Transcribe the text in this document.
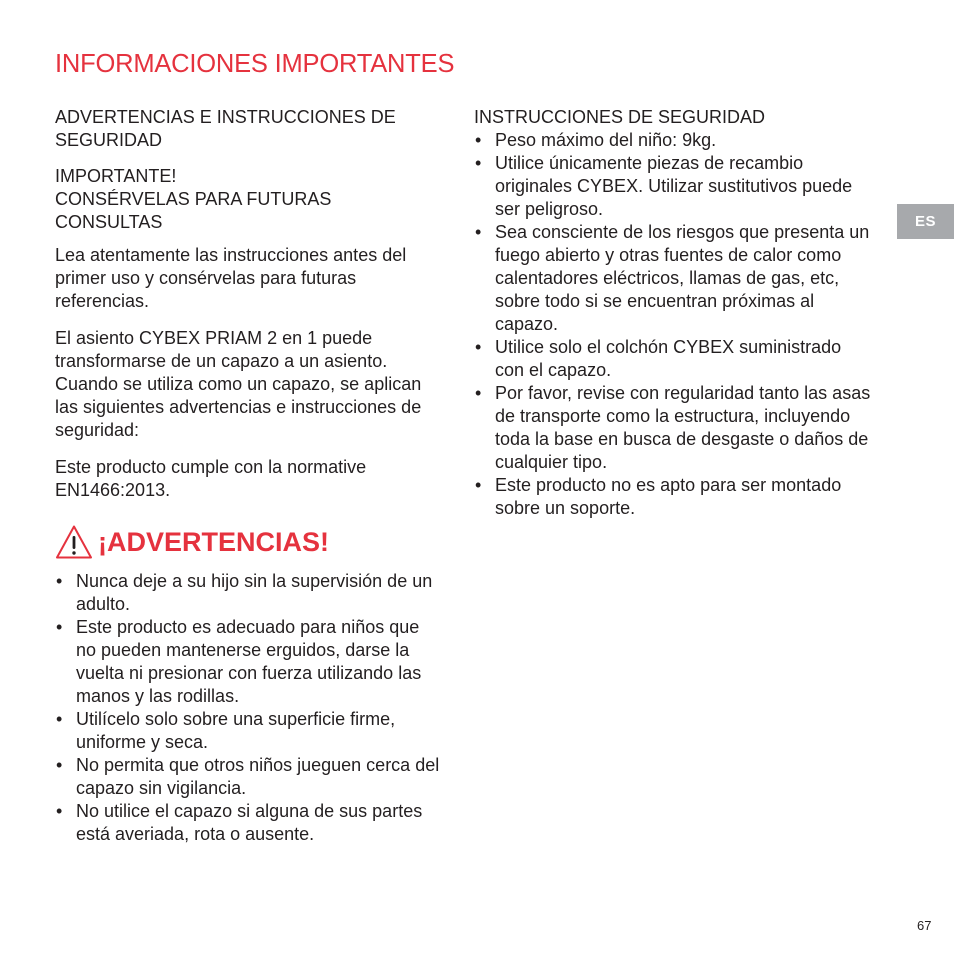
INFORMACIONES IMPORTANTES

ADVERTENCIAS E INSTRUCCIONES DE SEGURIDAD

IMPORTANTE!

CONSÉRVELAS PARA FUTURAS CONSULTAS

Lea atentamente las instrucciones antes del primer uso y consérvelas para futuras referencias.

El asiento CYBEX PRIAM 2 en 1 puede transformarse de un capazo a un asiento. Cuando se utiliza como un capazo, se aplican las siguientes advertencias e instrucciones de seguridad:

Este producto cumple con la normative EN1466:2013.

¡ADVERTENCIAS!
• Nunca deje a su hijo sin la supervisión de un adulto.
• Este producto es adecuado para niños que no pueden mantenerse erguidos, darse la vuelta ni presionar con fuerza utilizando las manos y las rodillas.
• Utilícelo solo sobre una superficie firme, uniforme y seca.
• No permita que otros niños jueguen cerca del capazo sin vigilancia.
• No utilice el capazo si alguna de sus partes está averiada, rota o ausente.

INSTRUCCIONES DE SEGURIDAD

• Peso máximo del niño: 9kg.
• Utilice únicamente piezas de recambio originales CYBEX. Utilizar sustitutivos puede ser peligroso.
• Sea consciente de los riesgos que presenta un fuego abierto y otras fuentes de calor como calentadores eléctricos, llamas de gas, etc, sobre todo si se encuentran próximas al capazo.
• Utilice solo el colchón CYBEX suministrado con el capazo.
• Por favor, revise con regularidad tanto las asas de transporte como la estructura, incluyendo toda la base en busca de desgaste o daños de cualquier tipo.
• Este producto no es apto para ser montado sobre un soporte.
ES
67
